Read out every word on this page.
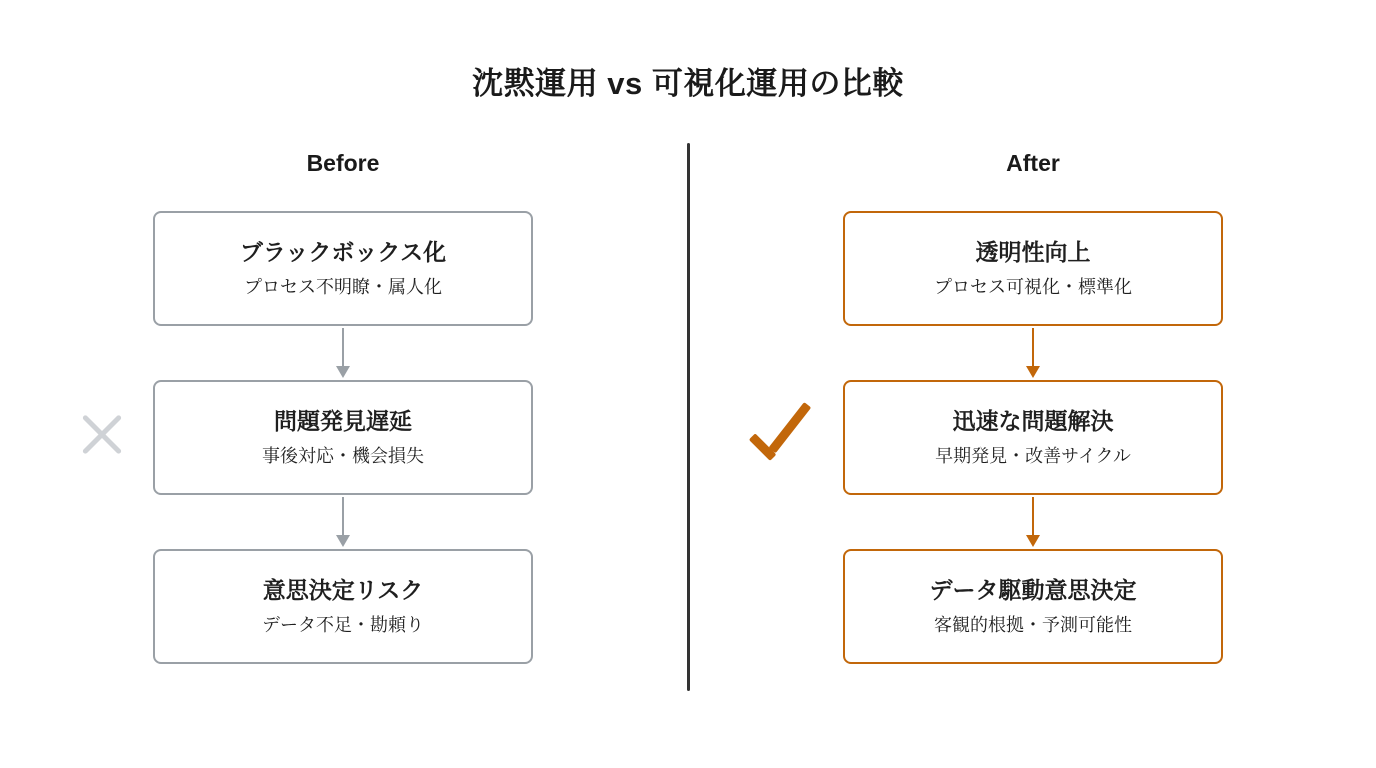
沈黙運用 vs 可視化運用の比較
Before	After
ブラックボックス化
プロセス不明瞭・属人化
問題発見遅延
事後対応・機会損失
意思決定リスク
データ不足・勘頼り
透明性向上
プロセス可視化・標準化
迅速な問題解決
早期発見・改善サイクル
データ駆動意思決定
客観的根拠・予測可能性
